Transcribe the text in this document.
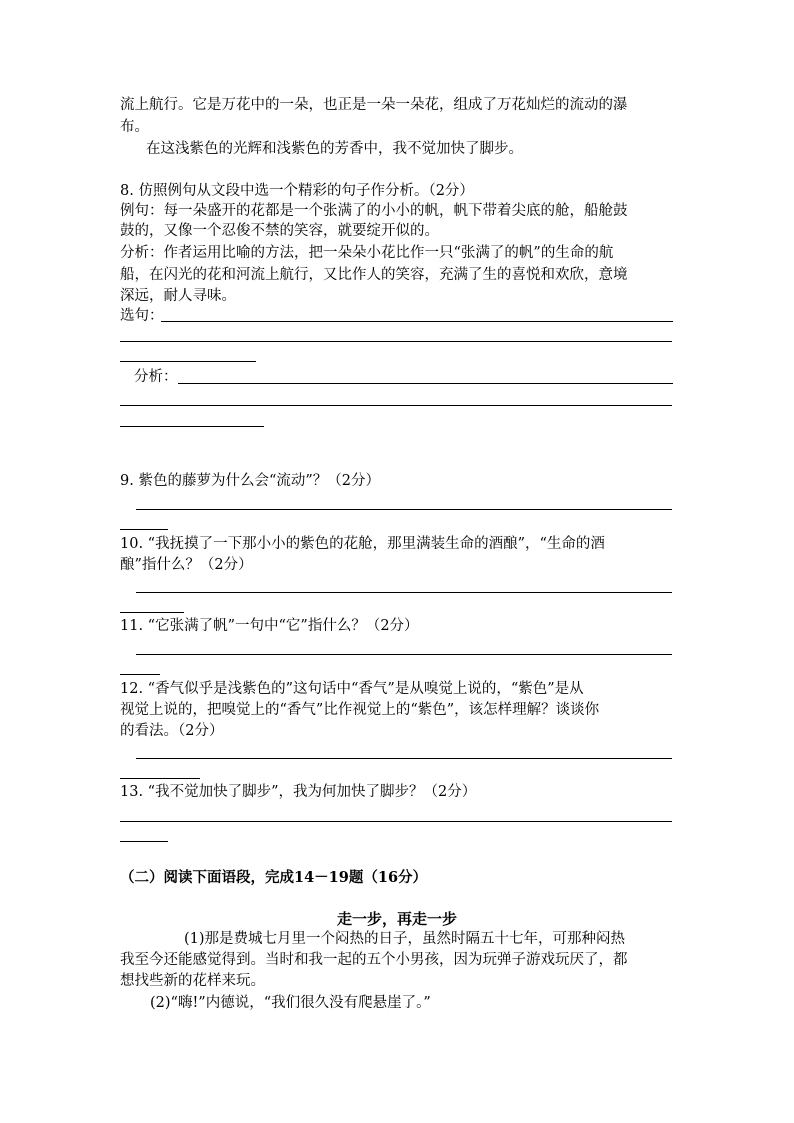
流上航行。它是万花中的一朵，也正是一朵一朵花，组成了万花灿烂的流动的瀑
布。
在这浅紫色的光辉和浅紫色的芳香中，我不觉加快了脚步。
8. 仿照例句从文段中选一个精彩的句子作分析。（2分）
例句：每一朵盛开的花都是一个张满了的小小的帆，帆下带着尖底的舱，船舱鼓
鼓的，又像一个忍俊不禁的笑容，就要绽开似的。
分析：作者运用比喻的方法，把一朵朵小花比作一只“张满了的帆”的生命的航
船，在闪光的花和河流上航行，又比作人的笑容，充满了生的喜悦和欢欣，意境
深远，耐人寻味。
选句：
分析：
9. 紫色的藤萝为什么会“流动”？（2分）
10. “我抚摸了一下那小小的紫色的花舱，那里满装生命的酒酿”，“生命的酒
酿”指什么？（2分）
11. “它张满了帆”一句中“它”指什么？（2分）
12. “香气似乎是浅紫色的”这句话中“香气”是从嗅觉上说的，“紫色”是从
视觉上说的，把嗅觉上的“香气”比作视觉上的“紫色”，该怎样理解？谈谈你
的看法。（2分）
13. “我不觉加快了脚步”，我为何加快了脚步？（2分）
（二）阅读下面语段，完成14－19题（16分）
走一步，再走一步
(1)那是费城七月里一个闷热的日子，虽然时隔五十七年，可那种闷热
我至今还能感觉得到。当时和我一起的五个小男孩，因为玩弹子游戏玩厌了，都
想找些新的花样来玩。
(2)“嗨!”内德说，“我们很久没有爬悬崖了。”
